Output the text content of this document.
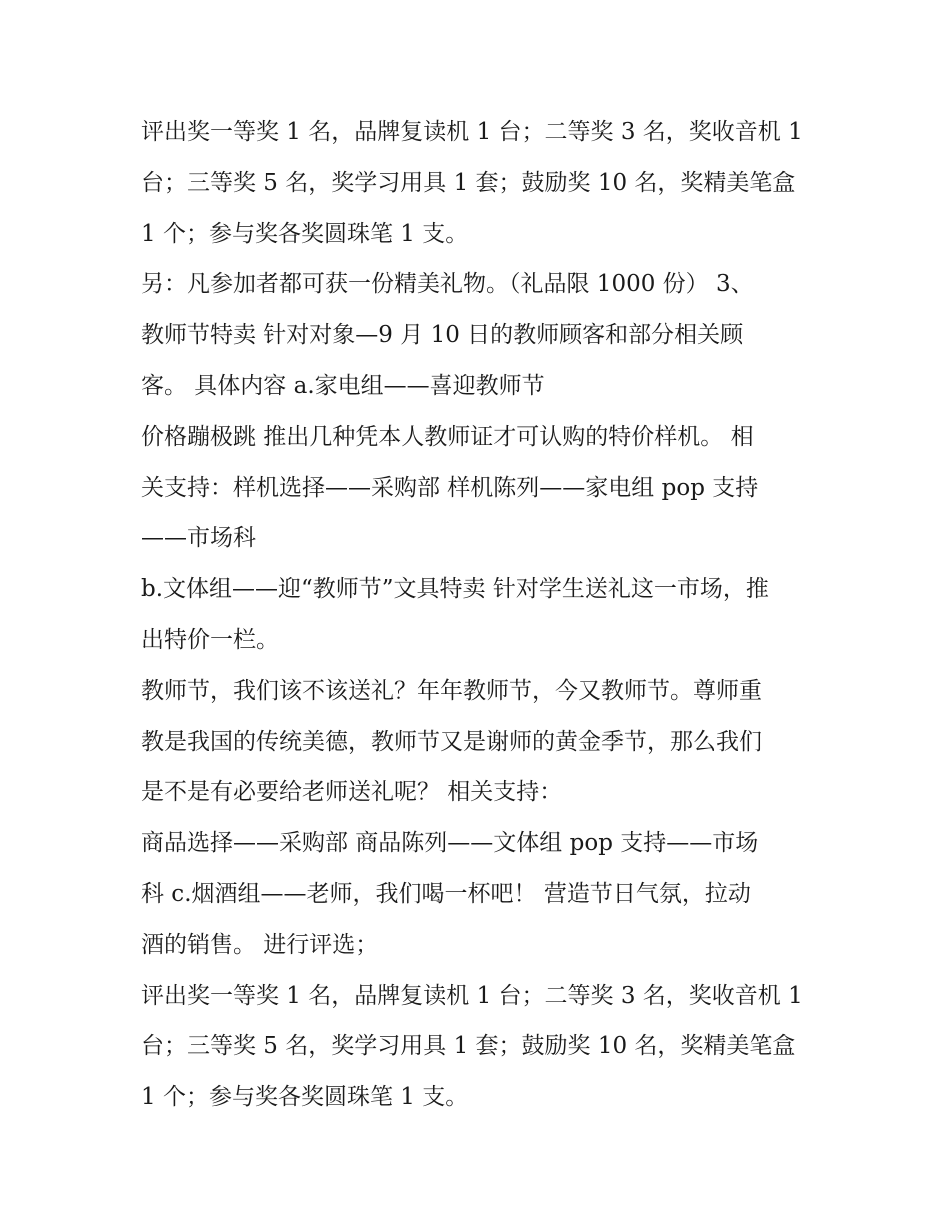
评出奖一等奖 1 名，品牌复读机 1 台；二等奖 3 名，奖收音机 1
台；三等奖 5 名，奖学习用具 1 套；鼓励奖 10 名，奖精美笔盒
1 个；参与奖各奖圆珠笔 1 支。
另：凡参加者都可获一份精美礼物。（礼品限 1000 份） 3、
教师节特卖 针对对象—9 月 10 日的教师顾客和部分相关顾
客。 具体内容 a.家电组——喜迎教师节
价格蹦极跳 推出几种凭本人教师证才可认购的特价样机。 相
关支持：样机选择——采购部 样机陈列——家电组 pop 支持
——市场科
b.文体组——迎“教师节”文具特卖 针对学生送礼这一市场，推
出特价一栏。
教师节，我们该不该送礼？年年教师节，今又教师节。尊师重
教是我国的传统美德，教师节又是谢师的黄金季节，那么我们
是不是有必要给老师送礼呢？ 相关支持：
商品选择——采购部 商品陈列——文体组 pop 支持——市场
科 c.烟酒组——老师，我们喝一杯吧！ 营造节日气氛，拉动
酒的销售。 进行评选；
评出奖一等奖 1 名，品牌复读机 1 台；二等奖 3 名，奖收音机 1
台；三等奖 5 名，奖学习用具 1 套；鼓励奖 10 名，奖精美笔盒
1 个；参与奖各奖圆珠笔 1 支。
